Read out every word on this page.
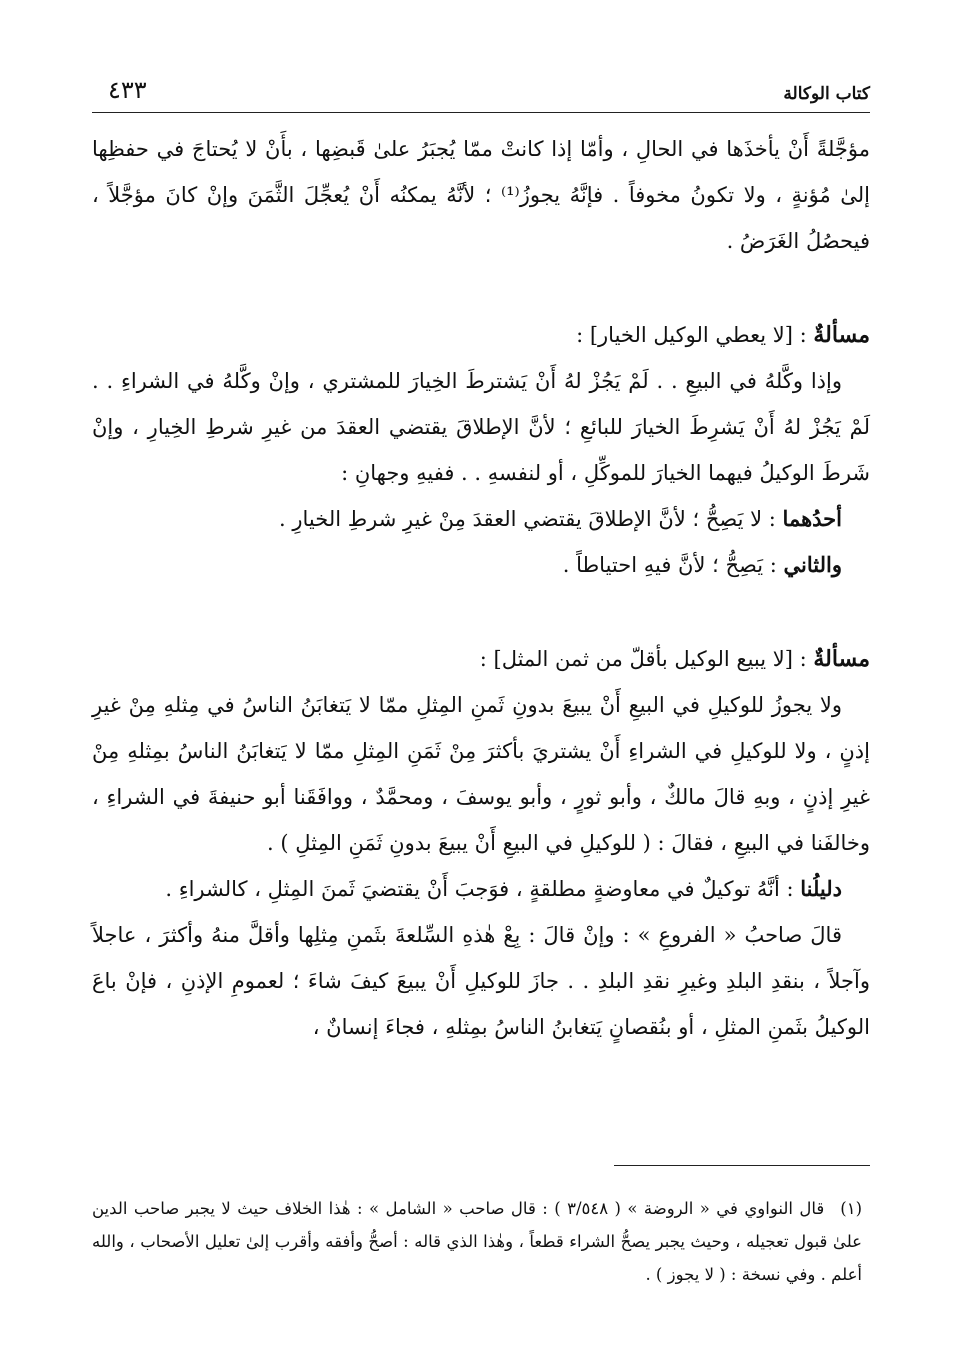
كتاب الوكالة
٤٣٣

مؤجَّلةً أَنْ يأخذَها في الحالِ ، وأمّا إذا كانتْ ممّا يُجبَرُ علىٰ قَبضِها ، بأَنْ لا يُحتاجَ في حفظِها إلىٰ مُؤنةٍ ، ولا تكونُ مخوفاً . فإنَّهُ يجوزُ⁽¹⁾ ؛ لأنَّهُ يمكنُه أَنْ يُعجِّلَ الثَّمَنَ وإنْ كانَ مؤجَّلاً ، فيحصُلُ الغَرَضُ .

مسألةٌ : [لا يعطي الوكيل الخيار] :

وإذا وكَّلهُ في البيعِ . . لَمْ يَجُزْ لهُ أَنْ يَشترطَ الخِيارَ للمشتري ، وإنْ وكَّلهُ في الشراءِ . . لَمْ يَجُزْ لهُ أَنْ يَشرِطَ الخيارَ للبائعِ ؛ لأنَّ الإطلاقَ يقتضي العقدَ من غيرِ شرطِ الخِيارِ ، وإنْ شَرطَ الوكيلُ فيهما الخيارَ للموكِّلِ ، أو لنفسهِ . . ففيهِ وجهانِ :

أحدُهما : لا يَصِحُّ ؛ لأنَّ الإطلاقَ يقتضي العقدَ مِنْ غيرِ شرطِ الخيارِ .

والثاني : يَصِحُّ ؛ لأنَّ فيهِ احتياطاً .

مسألةٌ : [لا يبيع الوكيل بأقلّ من ثمن المثل] :

ولا يجوزُ للوكيلِ في البيعِ أَنْ يبيعَ بدونِ ثَمنِ المِثلِ ممّا لا يَتغابَنُ الناسُ في مِثلهِ مِنْ غيرِ إذنٍ ، ولا للوكيلِ في الشراءِ أَنْ يشتريَ بأكثرَ مِنْ ثَمَنِ المِثلِ ممّا لا يَتغابَنُ الناسُ بمِثلهِ مِنْ غيرِ إذنٍ ، وبهِ قالَ مالكٌ ، وأبو ثورٍ ، وأبو يوسفَ ، ومحمَّدٌ ، ووافَقَنا أبو حنيفةَ في الشراءِ ، وخالفَنا في البيعِ ، فقالَ : ( للوكيلِ في البيعِ أَنْ يبيعَ بدونِ ثَمَنِ المِثلِ ) .

دليلُنا : أنَّهُ توكيلٌ في معاوضةٍ مطلقةٍ ، فوَجبَ أَنْ يقتضيَ ثَمنَ المِثلِ ، كالشراءِ .

قالَ صاحبُ « الفروعِ » : وإنْ قالَ : بِعْ هٰذهِ السِّلعةَ بثَمنِ مِثلِها وأقلَّ منهُ وأكثرَ ، عاجلاً وآجلاً ، بنقدِ البلدِ وغيرِ نقدِ البلدِ . . جازَ للوكيلِ أَنْ يبيعَ كيفَ شاءَ ؛ لعمومِ الإذنِ ، فإنْ باعَ الوكيلُ بثَمنِ المثلِ ، أو بنُقصانٍ يَتغابنُ الناسُ بمِثلهِ ، فجاءَ إنسانٌ ،

(١)قال النواوي في « الروضة » ( ٣/٥٤٨ ) : قال صاحب « الشامل » : هٰذا الخلاف حيث لا يجبر صاحب الدين علىٰ قبول تعجيله ، وحيث يجبر يصحُّ الشراء قطعاً ، وهٰذا الذي قاله : أصحُّ وأفقه وأقرب إلىٰ تعليل الأصحاب ، والله أعلم . وفي نسخة : ( لا يجوز ) .
